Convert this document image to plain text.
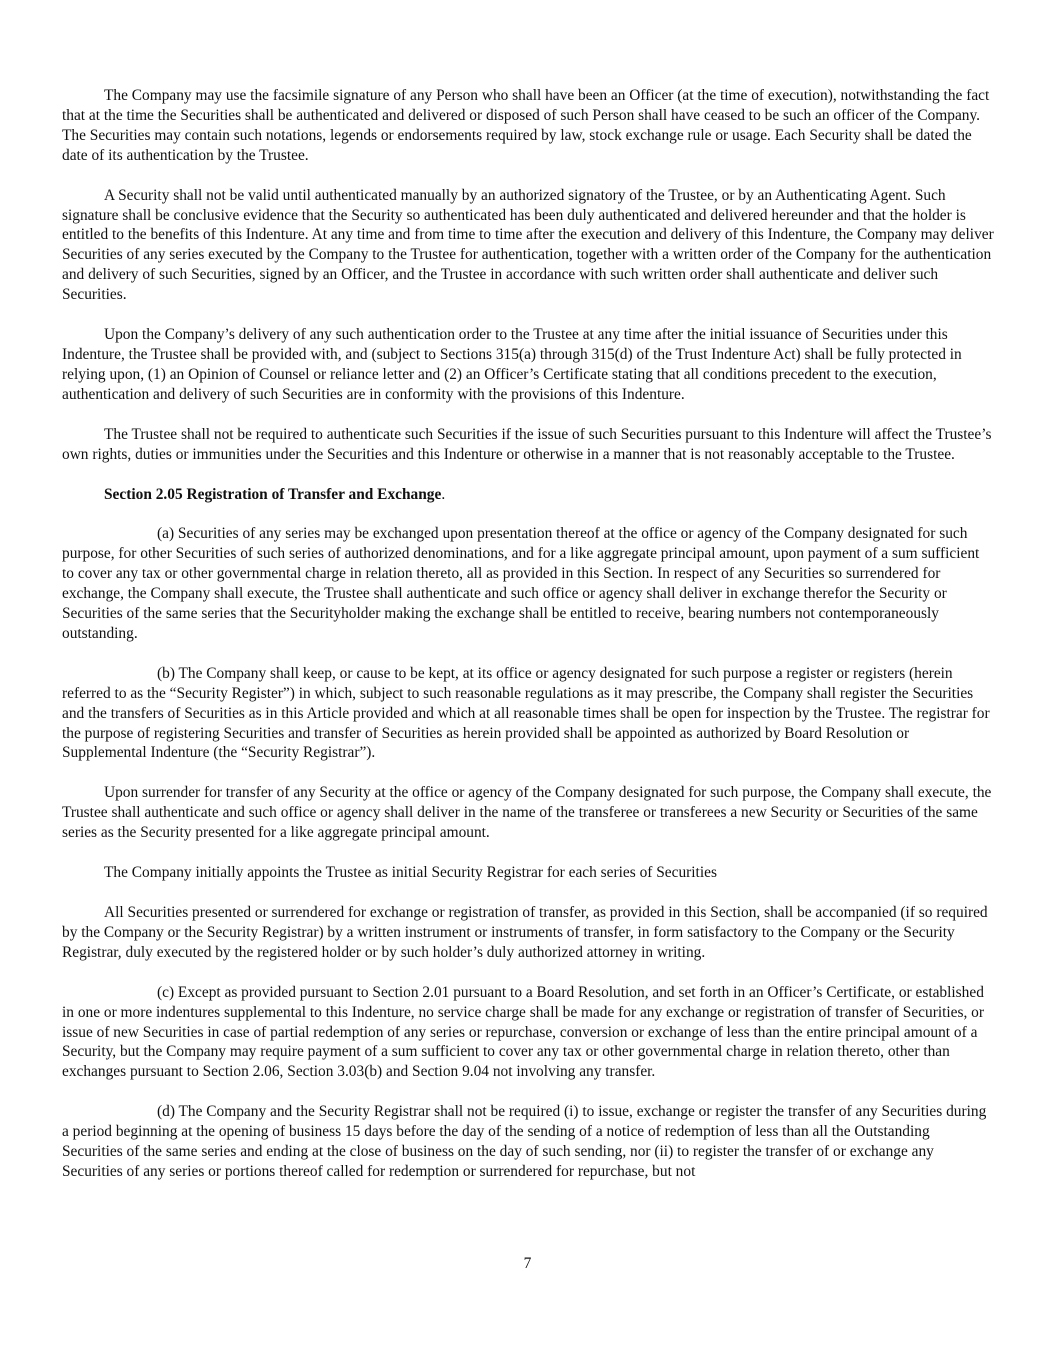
The Company may use the facsimile signature of any Person who shall have been an Officer (at the time of execution), notwithstanding the fact that at the time the Securities shall be authenticated and delivered or disposed of such Person shall have ceased to be such an officer of the Company. The Securities may contain such notations, legends or endorsements required by law, stock exchange rule or usage. Each Security shall be dated the date of its authentication by the Trustee.

A Security shall not be valid until authenticated manually by an authorized signatory of the Trustee, or by an Authenticating Agent. Such signature shall be conclusive evidence that the Security so authenticated has been duly authenticated and delivered hereunder and that the holder is entitled to the benefits of this Indenture. At any time and from time to time after the execution and delivery of this Indenture, the Company may deliver Securities of any series executed by the Company to the Trustee for authentication, together with a written order of the Company for the authentication and delivery of such Securities, signed by an Officer, and the Trustee in accordance with such written order shall authenticate and deliver such Securities.

Upon the Company’s delivery of any such authentication order to the Trustee at any time after the initial issuance of Securities under this Indenture, the Trustee shall be provided with, and (subject to Sections 315(a) through 315(d) of the Trust Indenture Act) shall be fully protected in relying upon, (1) an Opinion of Counsel or reliance letter and (2) an Officer’s Certificate stating that all conditions precedent to the execution, authentication and delivery of such Securities are in conformity with the provisions of this Indenture.

The Trustee shall not be required to authenticate such Securities if the issue of such Securities pursuant to this Indenture will affect the Trustee’s own rights, duties or immunities under the Securities and this Indenture or otherwise in a manner that is not reasonably acceptable to the Trustee.

Section 2.05 Registration of Transfer and Exchange.

(a) Securities of any series may be exchanged upon presentation thereof at the office or agency of the Company designated for such purpose, for other Securities of such series of authorized denominations, and for a like aggregate principal amount, upon payment of a sum sufficient to cover any tax or other governmental charge in relation thereto, all as provided in this Section. In respect of any Securities so surrendered for exchange, the Company shall execute, the Trustee shall authenticate and such office or agency shall deliver in exchange therefor the Security or Securities of the same series that the Securityholder making the exchange shall be entitled to receive, bearing numbers not contemporaneously outstanding.

(b) The Company shall keep, or cause to be kept, at its office or agency designated for such purpose a register or registers (herein referred to as the “Security Register”) in which, subject to such reasonable regulations as it may prescribe, the Company shall register the Securities and the transfers of Securities as in this Article provided and which at all reasonable times shall be open for inspection by the Trustee. The registrar for the purpose of registering Securities and transfer of Securities as herein provided shall be appointed as authorized by Board Resolution or Supplemental Indenture (the “Security Registrar”).

Upon surrender for transfer of any Security at the office or agency of the Company designated for such purpose, the Company shall execute, the Trustee shall authenticate and such office or agency shall deliver in the name of the transferee or transferees a new Security or Securities of the same series as the Security presented for a like aggregate principal amount.

The Company initially appoints the Trustee as initial Security Registrar for each series of Securities

All Securities presented or surrendered for exchange or registration of transfer, as provided in this Section, shall be accompanied (if so required by the Company or the Security Registrar) by a written instrument or instruments of transfer, in form satisfactory to the Company or the Security Registrar, duly executed by the registered holder or by such holder’s duly authorized attorney in writing.

(c) Except as provided pursuant to Section 2.01 pursuant to a Board Resolution, and set forth in an Officer’s Certificate, or established in one or more indentures supplemental to this Indenture, no service charge shall be made for any exchange or registration of transfer of Securities, or issue of new Securities in case of partial redemption of any series or repurchase, conversion or exchange of less than the entire principal amount of a Security, but the Company may require payment of a sum sufficient to cover any tax or other governmental charge in relation thereto, other than exchanges pursuant to Section 2.06, Section 3.03(b) and Section 9.04 not involving any transfer.

(d) The Company and the Security Registrar shall not be required (i) to issue, exchange or register the transfer of any Securities during a period beginning at the opening of business 15 days before the day of the sending of a notice of redemption of less than all the Outstanding Securities of the same series and ending at the close of business on the day of such sending, nor (ii) to register the transfer of or exchange any Securities of any series or portions thereof called for redemption or surrendered for repurchase, but not

7
